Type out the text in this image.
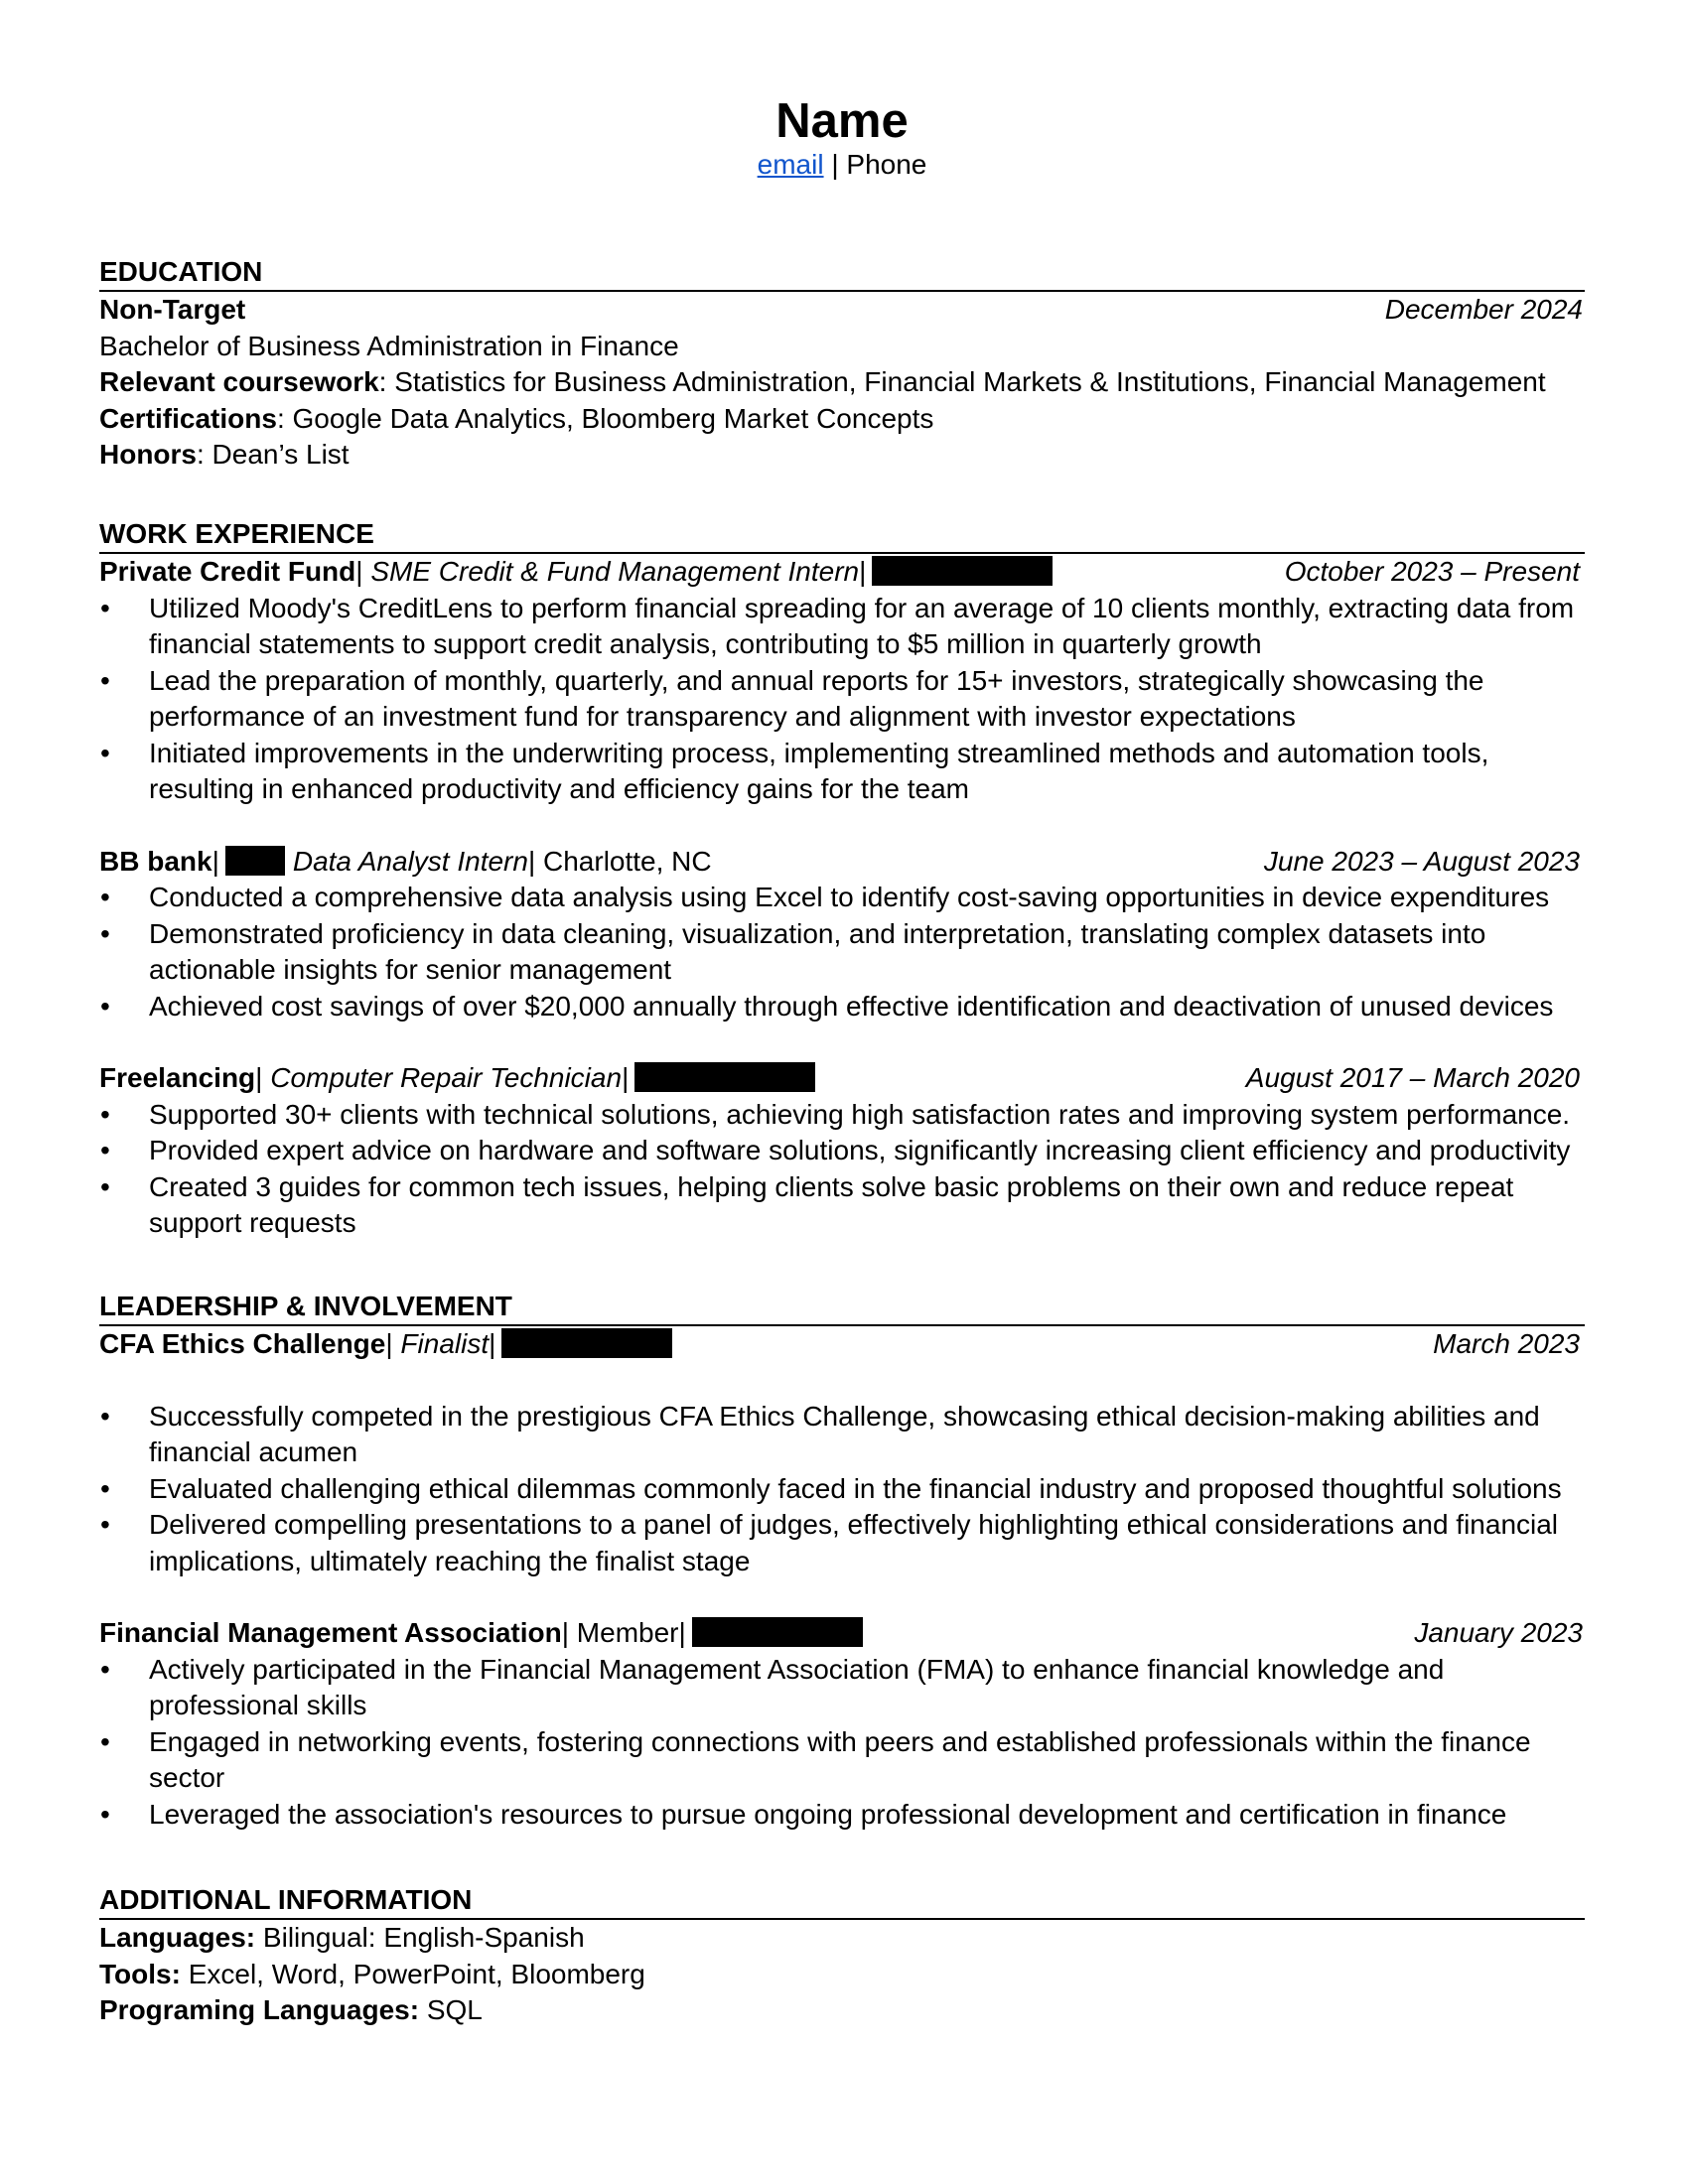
Name
email | Phone
EDUCATION
Non-Target	December 2024
Bachelor of Business Administration in Finance
Relevant coursework: Statistics for Business Administration, Financial Markets & Institutions, Financial Management
Certifications: Google Data Analytics, Bloomberg Market Concepts
Honors: Dean’s List
WORK EXPERIENCE
Private Credit Fund |
SME Credit & Fund Management Intern |	October 2023 – Present
• Utilized Moody's CreditLens to perform financial spreading for an average of 10 clients monthly, extracting data from financial statements to support credit analysis, contributing to $5 million in quarterly growth
• Lead the preparation of monthly, quarterly, and annual reports for 15+ investors, strategically showcasing the performance of an investment fund for transparency and alignment with investor expectations
• Initiated improvements in the underwriting process, implementing streamlined methods and automation tools, resulting in enhanced productivity and efficiency gains for the team
BB bank |	Data Analyst Intern | Charlotte, NC	June 2023 – August 2023
• Conducted a comprehensive data analysis using Excel to identify cost-saving opportunities in device expenditures
• Demonstrated proficiency in data cleaning, visualization, and interpretation, translating complex datasets into actionable insights for senior management
• Achieved cost savings of over $20,000 annually through effective identification and deactivation of unused devices
Freelancing |
Computer Repair Technician |	August 2017 – March 2020
• Supported 30+ clients with technical solutions, achieving high satisfaction rates and improving system performance.
• Provided expert advice on hardware and software solutions, significantly increasing client efficiency and productivity
• Created 3 guides for common tech issues, helping clients solve basic problems on their own and reduce repeat support requests
LEADERSHIP & INVOLVEMENT
CFA Ethics Challenge |
Finalist |	March 2023
• Successfully competed in the prestigious CFA Ethics Challenge, showcasing ethical decision-making abilities and financial acumen
• Evaluated challenging ethical dilemmas commonly faced in the financial industry and proposed thoughtful solutions
• Delivered compelling presentations to a panel of judges, effectively highlighting ethical considerations and financial implications, ultimately reaching the finalist stage
Financial Management Association |
Member |	January 2023
• Actively participated in the Financial Management Association (FMA) to enhance financial knowledge and professional skills
• Engaged in networking events, fostering connections with peers and established professionals within the finance sector
• Leveraged the association's resources to pursue ongoing professional development and certification in finance
ADDITIONAL INFORMATION
Languages: Bilingual: English-Spanish
Tools: Excel, Word, PowerPoint, Bloomberg
Programing Languages: SQL
